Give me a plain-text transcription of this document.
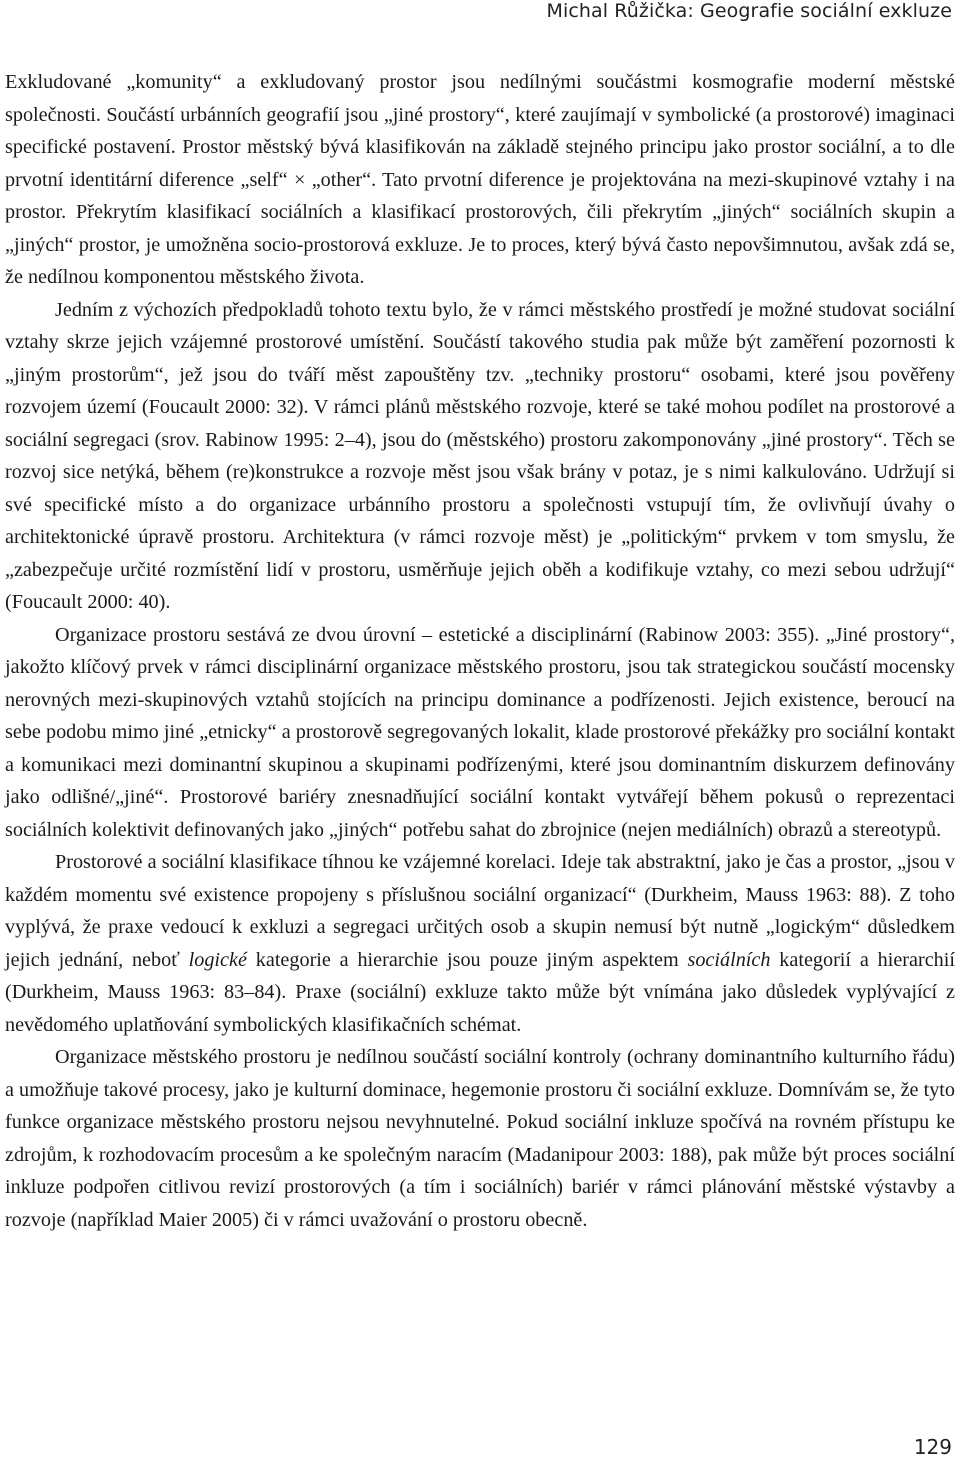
Michal Růžička: Geografie sociální exkluze

Exkludované „komunity“ a exkludovaný prostor jsou nedílnými součástmi kosmografie moderní městské společnosti. Součástí urbánních geografií jsou „jiné prostory“, které zaujímají v symbolické (a prostorové) imaginaci specifické postavení. Prostor městský bývá klasifikován na základě stejného principu jako prostor sociální, a to dle prvotní identitární diference „self“ × „other“. Tato prvotní diference je projektována na mezi-skupinové vztahy i na prostor. Překrytím klasifikací sociálních a klasifikací prostorových, čili překrytím „jiných“ sociálních skupin a „jiných“ prostor, je umožněna socio-prostorová exkluze. Je to proces, který bývá často nepovšimnutou, avšak zdá se, že nedílnou komponentou městského života.

Jedním z výchozích předpokladů tohoto textu bylo, že v rámci městského prostředí je možné studovat sociální vztahy skrze jejich vzájemné prostorové umístění. Součástí takového studia pak může být zaměření pozornosti k „jiným prostorům“, jež jsou do tváří měst zapouštěny tzv. „techniky prostoru“ osobami, které jsou pověřeny rozvojem území (Foucault 2000: 32). V rámci plánů městského rozvoje, které se také mohou podílet na prostorové a sociální segregaci (srov. Rabinow 1995: 2–4), jsou do (městského) prostoru zakomponovány „jiné prostory“. Těch se rozvoj sice netýká, během (re)konstrukce a rozvoje měst jsou však brány v potaz, je s nimi kalkulováno. Udržují si své specifické místo a do organizace urbánního prostoru a společnosti vstupují tím, že ovlivňují úvahy o architektonické úpravě prostoru. Architektura (v rámci rozvoje měst) je „politickým“ prvkem v tom smyslu, že „zabezpečuje určité rozmístění lidí v prostoru, usměrňuje jejich oběh a kodifikuje vztahy, co mezi sebou udržují“ (Foucault 2000: 40).

Organizace prostoru sestává ze dvou úrovní – estetické a disciplinární (Rabinow 2003: 355). „Jiné prostory“, jakožto klíčový prvek v rámci disciplinární organizace městského prostoru, jsou tak strategickou součástí mocensky nerovných mezi-skupinových vztahů stojících na principu dominance a podřízenosti. Jejich existence, beroucí na sebe podobu mimo jiné „etnicky“ a prostorově segregovaných lokalit, klade prostorové překážky pro sociální kontakt a komunikaci mezi dominantní skupinou a skupinami podřízenými, které jsou dominantním diskurzem definovány jako odlišné/„jiné“. Prostorové bariéry znesnadňující sociální kontakt vytvářejí během pokusů o reprezentaci sociálních kolektivit definovaných jako „jiných“ potřebu sahat do zbrojnice (nejen mediálních) obrazů a stereotypů.

Prostorové a sociální klasifikace tíhnou ke vzájemné korelaci. Ideje tak abstraktní, jako je čas a prostor, „jsou v každém momentu své existence propojeny s příslušnou sociální organizací“ (Durkheim, Mauss 1963: 88). Z toho vyplývá, že praxe vedoucí k exkluzi a segregaci určitých osob a skupin nemusí být nutně „logickým“ důsledkem jejich jednání, neboť logické kategorie a hierarchie jsou pouze jiným aspektem sociálních kategorií a hierarchií (Durkheim, Mauss 1963: 83–84). Praxe (sociální) exkluze takto může být vnímána jako důsledek vyplývající z nevědomého uplatňování symbolických klasifikačních schémat.

Organizace městského prostoru je nedílnou součástí sociální kontroly (ochrany dominantního kulturního řádu) a umožňuje takové procesy, jako je kulturní dominace, hegemonie prostoru či sociální exkluze. Domnívám se, že tyto funkce organizace městského prostoru nejsou nevyhnutelné. Pokud sociální inkluze spočívá na rovném přístupu ke zdrojům, k rozhodovacím procesům a ke společným naracím (Madanipour 2003: 188), pak může být proces sociální inkluze podpořen citlivou revizí prostorových (a tím i sociálních) bariér v rámci plánování městské výstavby a rozvoje (například Maier 2005) či v rámci uvažování o prostoru obecně.

129
